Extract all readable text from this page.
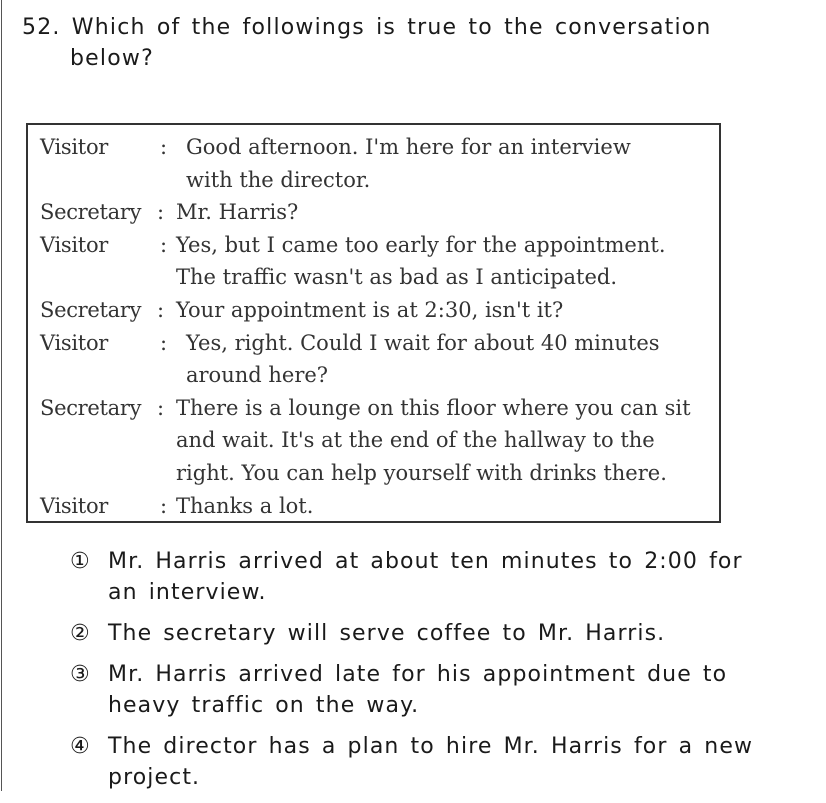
52. Which of the followings is true to the conversation
below?
Visitor : Good afternoon. I'm here for an interview
with the director.
Secretary : Mr. Harris?
Visitor : Yes, but I came too early for the appointment.
The traffic wasn't as bad as I anticipated.
Secretary : Your appointment is at 2:30, isn't it?
Visitor : Yes, right. Could I wait for about 40 minutes
around here?
Secretary : There is a lounge on this floor where you can sit
and wait. It's at the end of the hallway to the
right. You can help yourself with drinks there.
Visitor : Thanks a lot.
① Mr. Harris arrived at about ten minutes to 2:00 for an interview.
② The secretary will serve coffee to Mr. Harris.
③ Mr. Harris arrived late for his appointment due to heavy traffic on the way.
④ The director has a plan to hire Mr. Harris for a new project.
